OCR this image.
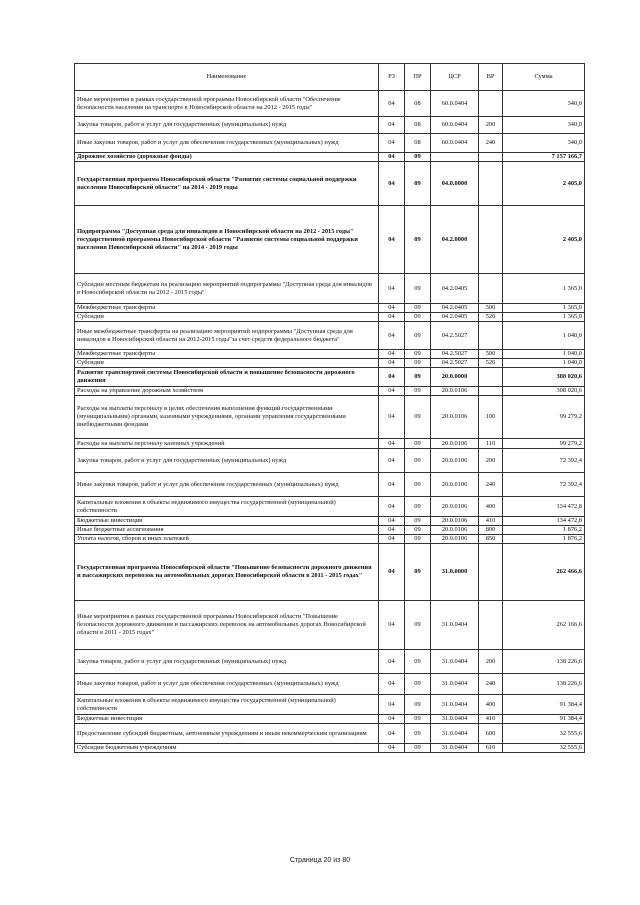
Наименование	РЗ	ПР	ЦСР	ВР	Сумма
Иные мероприятия в рамках государственной программы Новосибирской области "Обеспечение безопасности населения на транспорте в Новосибирской области на 2012 - 2015 годы"	04	08	60.0.0404		340,0
Закупка товаров, работ и услуг для государственных (муниципальных) нужд	04	08	60.0.0404	200	340,0
Иные закупки товаров, работ и услуг для обеспечения государственных (муниципальных) нужд	04	08	60.0.0404	240	340,0
Дорожное хозяйство (дорожные фонды)	04	09			7 157 166,7
Государственная программа Новосибирской области "Развитие системы социальной поддержки населения Новосибирской области" на 2014 - 2019 годы	04	09	04.0.0000		2 405,0
Подпрограмма "Доступная среда для инвалидов в Новосибирской области на 2012 - 2015 годы" государственной программы Новосибирской области "Развитие системы социальной поддержки населения Новосибирской области" на 2014 - 2019 годы	04	09	04.2.0000		2 405,0
Субсидии местным бюджетам на реализацию мероприятий подпрограммы "Доступная среда для инвалидов в Новосибирской области на 2012 - 2015 годы"	04	09	04.2.0405		1 365,0
Межбюджетные трансферты	04	09	04.2.0405	500	1 365,0
Субсидии	04	09	04.2.0405	520	1 365,0
Иные межбюджетные трансферты на реализацию мероприятий подпрограммы "Доступная среда для инвалидов в Новосибирской области на 2012-2015 годы"за счет средств федерального бюджета"	04	09	04.2.5027		1 040,0
Межбюджетные трансферты	04	09	04.2.5027	500	1 040,0
Субсидии	04	09	04.2.5027	520	1 040,0
Развитие транспортной системы Новосибирской области и повышение безопасности дорожного движения	04	09	20.0.0000		308 020,6
Расходы на управление дорожным хозяйством	04	09	20.0.0106		308 020,6
Расходы на выплаты персоналу в целях обеспечения выполнения функций государственными (муниципальными) органами, казенными учреждениями, органами управления государственными внебюджетными фондами	04	09	20.0.0106	100	99 279,2
Расходы на выплаты персоналу казенных учреждений	04	09	20.0.0106	110	99 279,2
Закупка товаров, работ и услуг для государственных (муниципальных) нужд	04	09	20.0.0106	200	72 392,4
Иные закупки товаров, работ и услуг для обеспечения государственных (муниципальных) нужд	04	09	20.0.0106	240	72 392,4
Капитальные вложения в объекты недвижимого имущества государственной (муниципальной) собственности	04	09	20.0.0106	400	134 472,8
Бюджетные инвестиции	04	09	20.0.0106	410	134 472,8
Иные бюджетные ассигнования	04	09	20.0.0106	800	1 876,2
Уплата налогов, сборов и иных платежей	04	09	20.0.0106	850	1 876,2
Государственная программа Новосибирской области "Повышение безопасности дорожного движения и пассажирских перевозок на автомобильных дорогах Новосибирской области в 2011 - 2015 годах"	04	09	31.0.0000		262 466,6
Иные мероприятия в рамках государственной программы Новосибирской области "Повышение безопасности дорожного движения и пассажирских перевозок на автомобильных дорогах Новосибирской области в 2011 - 2015 годах"	04	09	31.0.0404		262 166,6
Закупка товаров, работ и услуг для государственных (муниципальных) нужд	04	09	31.0.0404	200	138 226,6
Иные закупки товаров, работ и услуг для обеспечения государственных (муниципальных) нужд	04	09	31.0.0404	240	138 226,6
Капитальные вложения в объекты недвижимого имущества государственной (муниципальной) собственности	04	09	31.0.0404	400	91 384,4
Бюджетные инвестиции	04	09	31.0.0404	410	91 384,4
Предоставление субсидий бюджетным, автономным учреждениям и иным некоммерческим организациям	04	09	31.0.0404	600	32 555,6
Субсидии бюджетным учреждениям	04	09	31.0.0404	610	32 555,6
Страница 20 из 80
